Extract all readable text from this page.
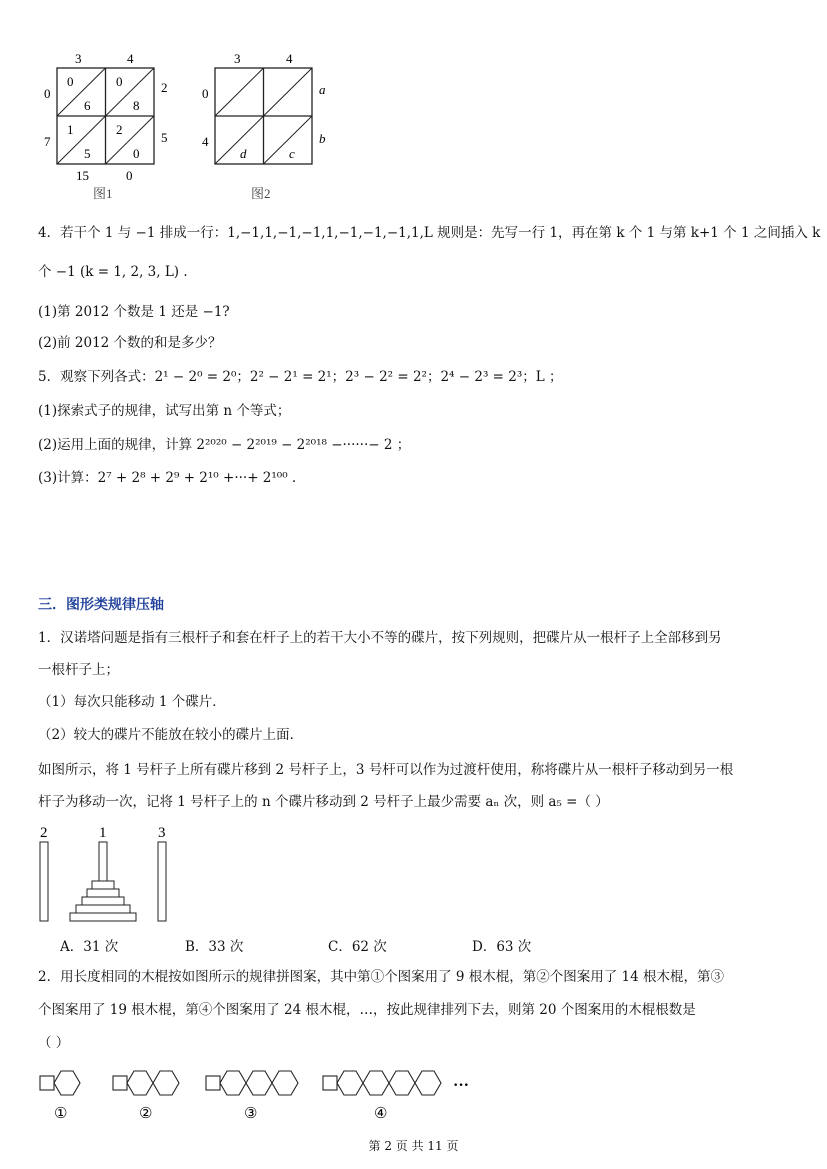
3	4
0
7
2
5
0
6
0
8
1
5
2
0
15	0
图1
3	4
0
4
a
b
d	c
图2
4．若干个 1 与 −1 排成一行：1,−1,1,−1,−1,1,−1,−1,−1,1,L 规则是：先写一行 1，再在第 k 个 1 与第 k+1 个 1 之间插入 k
个 −1 (k = 1, 2, 3, L) .
(1)第 2012 个数是 1 还是 −1?
(2)前 2012 个数的和是多少？
5．观察下列各式：2¹ − 2⁰ = 2⁰；2² − 2¹ = 2¹；2³ − 2² = 2²；2⁴ − 2³ = 2³；L ；
(1)探索式子的规律，试写出第 n 个等式；
(2)运用上面的规律，计算 2²⁰²⁰ − 2²⁰¹⁹ − 2²⁰¹⁸ −······− 2 ；
(3)计算：2⁷ + 2⁸ + 2⁹ + 2¹⁰ +···+ 2¹⁰⁰ .
三．图形类规律压轴
1．汉诺塔问题是指有三根杆子和套在杆子上的若干大小不等的碟片，按下列规则，把碟片从一根杆子上全部移到另
一根杆子上；
（1）每次只能移动 1 个碟片．
（2）较大的碟片不能放在较小的碟片上面．
如图所示，将 1 号杆子上所有碟片移到 2 号杆子上，3 号杆可以作为过渡杆使用，称将碟片从一根杆子移动到另一根
杆子为移动一次，记将 1 号杆子上的 n 个碟片移动到 2 号杆子上最少需要 aₙ 次，则 a₅ =（ ）
2	1	3
A．31 次	B．33 次	C．62 次	D．63 次
2．用长度相同的木棍按如图所示的规律拼图案，其中第①个图案用了 9 根木棍，第②个图案用了 14 根木棍，第③
个图案用了 19 根木棍，第④个图案用了 24 根木棍，…，按此规律排列下去，则第 20 个图案用的木棍根数是
（ ）
①	②	③	④
···
第 2 页 共 11 页
